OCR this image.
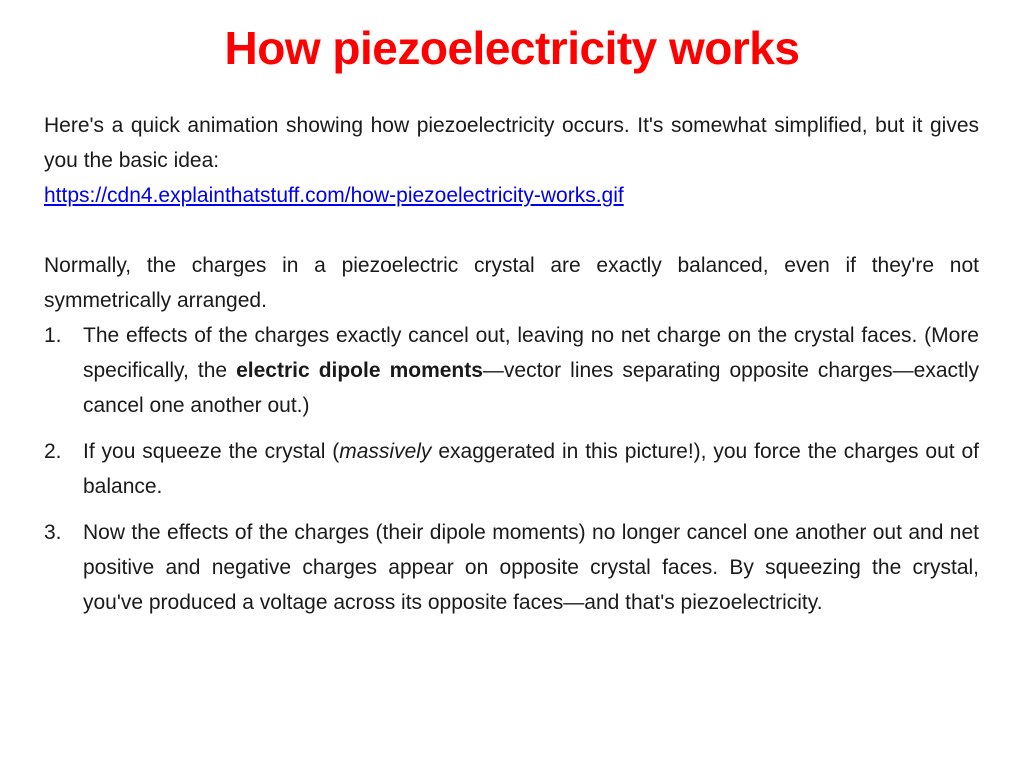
How piezoelectricity works

Here's a quick animation showing how piezoelectricity occurs. It's somewhat simplified, but it gives you the basic idea:

https://cdn4.explainthatstuff.com/how-piezoelectricity-works.gif

Normally, the charges in a piezoelectric crystal are exactly balanced, even if they're not symmetrically arranged.

1. The effects of the charges exactly cancel out, leaving no net charge on the crystal faces. (More specifically, the electric dipole moments—vector lines separating opposite charges—exactly cancel one another out.)
2. If you squeeze the crystal (massively exaggerated in this picture!), you force the charges out of balance.
3. Now the effects of the charges (their dipole moments) no longer cancel one another out and net positive and negative charges appear on opposite crystal faces. By squeezing the crystal, you've produced a voltage across its opposite faces—and that's piezoelectricity.
